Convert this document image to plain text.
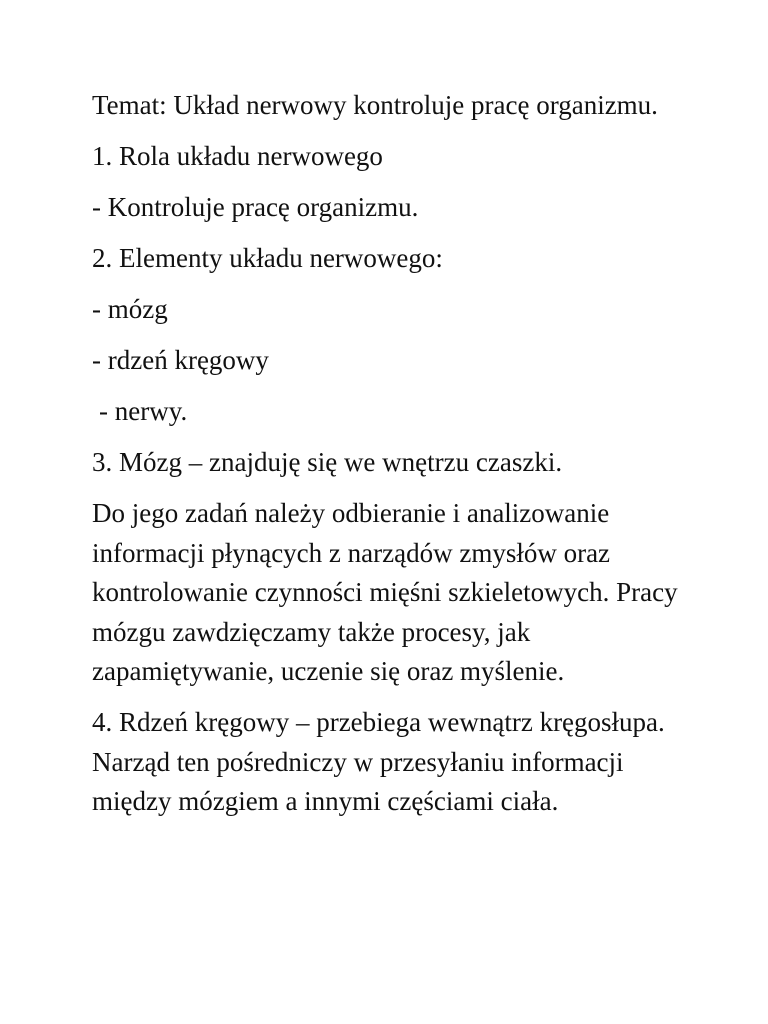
Temat: Układ nerwowy kontroluje pracę organizmu.

1. Rola układu nerwowego

- Kontroluje pracę organizmu.

2. Elementy układu nerwowego:

- mózg

- rdzeń kręgowy

- nerwy.

3. Mózg – znajduję się we wnętrzu czaszki.

Do jego zadań należy odbieranie i analizowanie informacji płynących z narządów zmysłów oraz kontrolowanie czynności mięśni szkieletowych. Pracy mózgu zawdzięczamy także procesy, jak zapamiętywanie, uczenie się oraz myślenie.

4. Rdzeń kręgowy – przebiega wewnątrz kręgosłupa. Narząd ten pośredniczy w przesyłaniu informacji między mózgiem a innymi częściami ciała.
